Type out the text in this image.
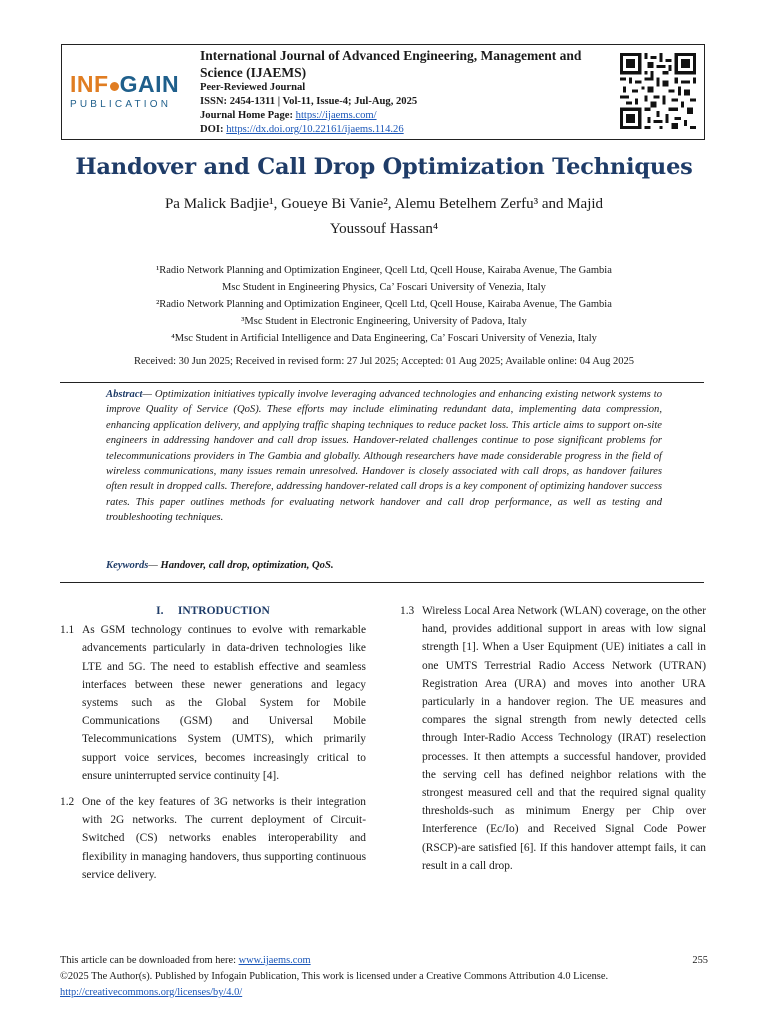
INF GAIN
PUBLICATION
International Journal of Advanced Engineering, Management and Science (IJAEMS)
Peer-Reviewed Journal
ISSN: 2454-1311 | Vol-11, Issue-4; Jul-Aug, 2025
Journal Home Page: https://ijaems.com/
DOI: https://dx.doi.org/10.22161/ijaems.114.26
Handover and Call Drop Optimization Techniques
Pa Malick Badjie¹, Goueye Bi Vanie², Alemu Betelhem Zerfu³ and Majid
Youssouf Hassan⁴
¹Radio Network Planning and Optimization Engineer, Qcell Ltd, Qcell House, Kairaba Avenue, The Gambia
Msc Student in Engineering Physics, Ca’ Foscari University of Venezia, Italy
²Radio Network Planning and Optimization Engineer, Qcell Ltd, Qcell House, Kairaba Avenue, The Gambia
³Msc Student in Electronic Engineering, University of Padova, Italy
⁴Msc Student in Artificial Intelligence and Data Engineering, Ca’ Foscari University of Venezia, Italy
Received: 30 Jun 2025; Received in revised form: 27 Jul 2025; Accepted: 01 Aug 2025; Available online: 04 Aug 2025
Abstract— Optimization initiatives typically involve leveraging advanced technologies and enhancing existing network systems to improve Quality of Service (QoS). These efforts may include eliminating redundant data, implementing data compression, enhancing application delivery, and applying traffic shaping techniques to reduce packet loss. This article aims to support on-site engineers in addressing handover and call drop issues. Handover-related challenges continue to pose significant problems for telecommunications providers in The Gambia and globally. Although researchers have made considerable progress in the field of wireless communications, many issues remain unresolved. Handover is closely associated with call drops, as handover failures often result in dropped calls. Therefore, addressing handover-related call drops is a key component of optimizing handover success rates. This paper outlines methods for evaluating network handover and call drop performance, as well as testing and troubleshooting techniques.
Keywords— Handover, call drop, optimization, QoS.
I.     INTRODUCTION
1.1 As GSM technology continues to evolve with remarkable advancements particularly in data-driven technologies like LTE and 5G. The need to establish effective and seamless interfaces between these newer generations and legacy systems such as the Global System for Mobile Communications (GSM) and Universal Mobile Telecommunications System (UMTS), which primarily support voice services, becomes increasingly critical to ensure uninterrupted service continuity [4].
1.2 One of the key features of 3G networks is their integration with 2G networks. The current deployment of Circuit-Switched (CS) networks enables interoperability and flexibility in managing handovers, thus supporting continuous service delivery.
1.3 Wireless Local Area Network (WLAN) coverage, on the other hand, provides additional support in areas with low signal strength [1]. When a User Equipment (UE) initiates a call in one UMTS Terrestrial Radio Access Network (UTRAN) Registration Area (URA) and moves into another URA particularly in a handover region. The UE measures and compares the signal strength from newly detected cells through Inter-Radio Access Technology (IRAT) reselection processes. It then attempts a successful handover, provided the serving cell has defined neighbor relations with the strongest measured cell and that the required signal quality thresholds-such as minimum Energy per Chip over Interference (Ec/Io) and Received Signal Code Power (RSCP)-are satisfied [6]. If this handover attempt fails, it can result in a call drop.
This article can be downloaded from here: www.ijaems.com	255
©2025 The Author(s). Published by Infogain Publication, This work is licensed under a Creative Commons Attribution 4.0 License. http://creativecommons.org/licenses/by/4.0/
